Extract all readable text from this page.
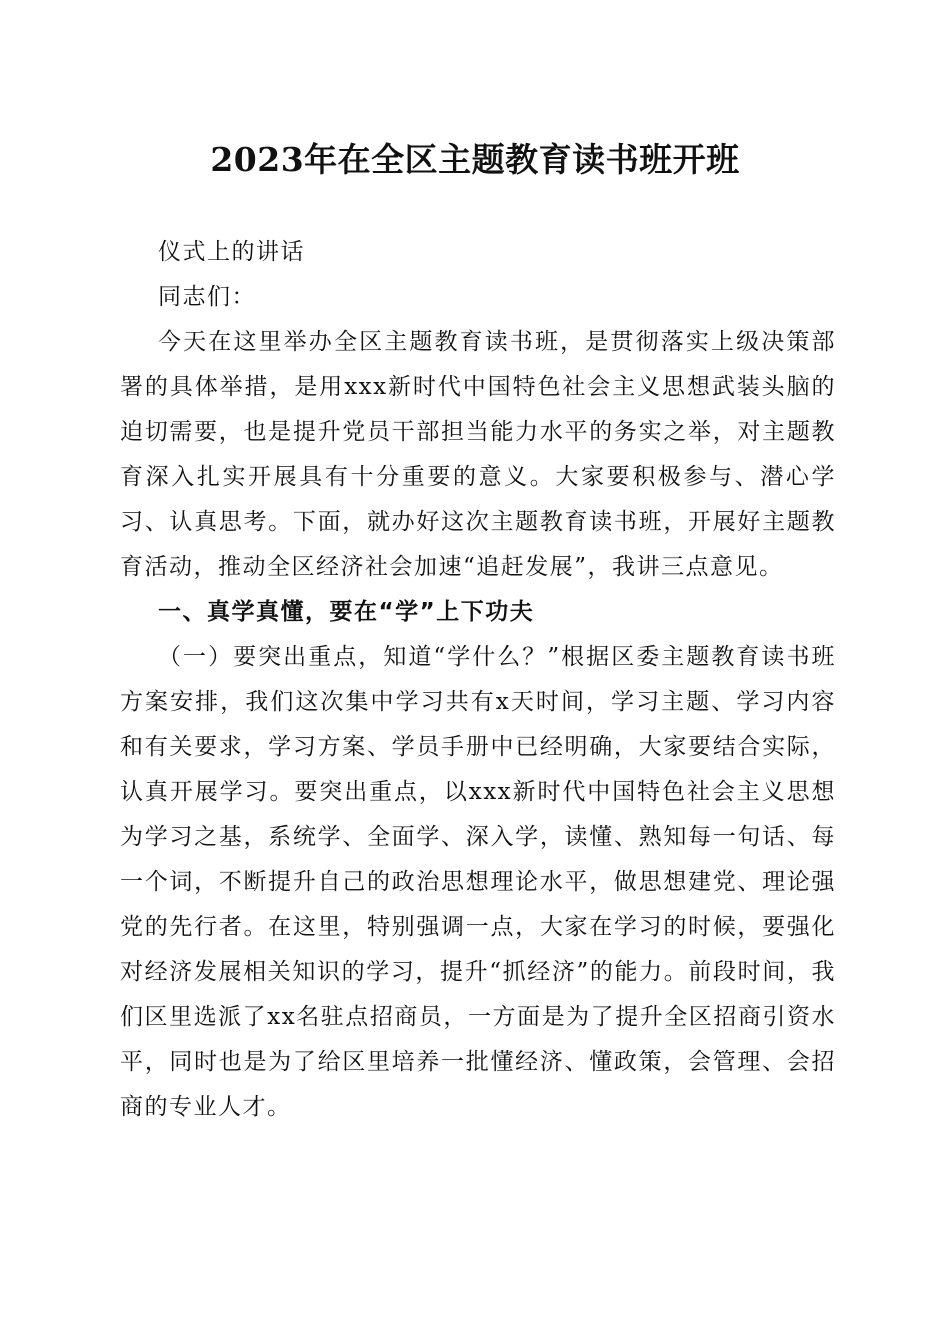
2023年在全区主题教育读书班开班

仪式上的讲话

同志们：

今天在这里举办全区主题教育读书班，是贯彻落实上级决策部署的具体举措，是用xxx新时代中国特色社会主义思想武装头脑的迫切需要，也是提升党员干部担当能力水平的务实之举，对主题教育深入扎实开展具有十分重要的意义。大家要积极参与、潜心学习、认真思考。下面，就办好这次主题教育读书班，开展好主题教育活动，推动全区经济社会加速“追赶发展”，我讲三点意见。

一、真学真懂，要在“学”上下功夫

（一）要突出重点，知道“学什么？”根据区委主题教育读书班方案安排，我们这次集中学习共有x天时间，学习主题、学习内容和有关要求，学习方案、学员手册中已经明确，大家要结合实际，认真开展学习。要突出重点，以xxx新时代中国特色社会主义思想为学习之基，系统学、全面学、深入学，读懂、熟知每一句话、每一个词，不断提升自己的政治思想理论水平，做思想建党、理论强党的先行者。在这里，特别强调一点，大家在学习的时候，要强化对经济发展相关知识的学习，提升“抓经济”的能力。前段时间，我们区里选派了xx名驻点招商员，一方面是为了提升全区招商引资水平，同时也是为了给区里培养一批懂经济、懂政策，会管理、会招商的专业人才。
